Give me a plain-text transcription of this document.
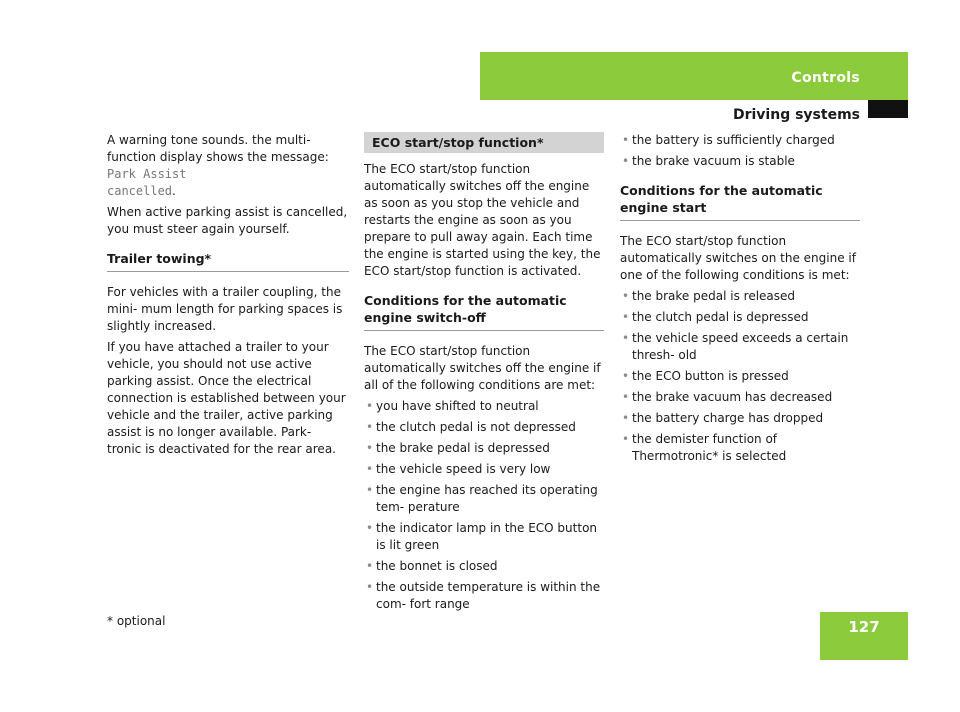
Controls
Driving systems

A warning tone sounds. the multi-function display shows the message: Park Assist
cancelled.

When active parking assist is cancelled, you must steer again yourself.

Trailer towing*

For vehicles with a trailer coupling, the mini- mum length for parking spaces is slightly increased.

If you have attached a trailer to your vehicle, you should not use active parking assist. Once the electrical connection is established between your vehicle and the trailer, active parking assist is no longer available. Park- tronic is deactivated for the rear area.

ECO start/stop function*

The ECO start/stop function automatically switches off the engine as soon as you stop the vehicle and restarts the engine as soon as you prepare to pull away again. Each time the engine is started using the key, the ECO start/stop function is activated.

Conditions for the automatic engine switch-off

The ECO start/stop function automatically switches off the engine if all of the following conditions are met:

• you have shifted to neutral
• the clutch pedal is not depressed
• the brake pedal is depressed
• the vehicle speed is very low
• the engine has reached its operating tem- perature
• the indicator lamp in the ECO button is lit green
• the bonnet is closed
• the outside temperature is within the com- fort range
• the battery is sufficiently charged
• the brake vacuum is stable
Conditions for the automatic engine start

The ECO start/stop function automatically switches on the engine if one of the following conditions is met:

• the brake pedal is released
• the clutch pedal is depressed
• the vehicle speed exceeds a certain thresh- old
• the ECO button is pressed
• the brake vacuum has decreased
• the battery charge has dropped
• the demister function of Thermotronic* is selected
* optional	127
